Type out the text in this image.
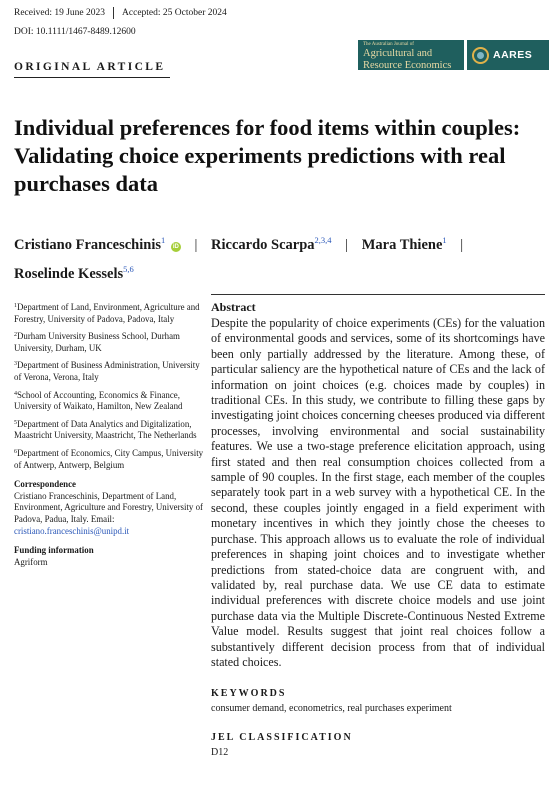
Received: 19 June 2023 Accepted: 25 October 2024
DOI: 10.1111/1467-8489.12600
The Australian Journal of
Agricultural and
Resource Economics
AARES
ORIGINAL ARTICLE
Individual preferences for food items within couples: Validating choice experiments predictions with real purchases data
Cristiano Franceschinis$^1$ iD | Riccardo Scarpa$^{2,3,4}$ | Mara Thiene$^1$ |
Roselinde Kessels$^{5,6}$
$^1$Department of Land, Environment, Agriculture and Forestry, University of Padova, Padova, Italy
$^2$Durham University Business School, Durham University, Durham, UK
$^3$Department of Business Administration, University of Verona, Verona, Italy
$^4$School of Accounting, Economics & Finance, University of Waikato, Hamilton, New Zealand
$^5$Department of Data Analytics and Digitalization, Maastricht University, Maastricht, The Netherlands
$^6$Department of Economics, City Campus, University of Antwerp, Antwerp, Belgium
Correspondence
Cristiano Franceschinis, Department of Land, Environment, Agriculture and Forestry, University of Padova, Padua, Italy. Email: cristiano.franceschinis@unipd.it
Funding information
Agriform
Abstract

Despite the popularity of choice experiments (CEs) for the valuation of environmental goods and services, some of its shortcomings have been only partially addressed by the literature. Among these, of particular saliency are the hypothetical nature of CEs and the lack of information on joint choices (e.g. choices made by couples) in traditional CEs. In this study, we contribute to filling these gaps by investigating joint choices concerning cheeses produced via different processes, involving environmental and social sustainability features. We use a two-stage preference elicitation approach, using first stated and then real consumption choices collected from a sample of 90 couples. In the first stage, each member of the couples separately took part in a web survey with a hypothetical CE. In the second, these couples jointly engaged in a field experiment with monetary incentives in which they jointly chose the cheeses to purchase. This approach allows us to evaluate the role of individual preferences in shaping joint choices and to investigate whether predictions from stated-choice data are congruent with, and validated by, real purchase data. We use CE data to estimate individual preferences with discrete choice models and use joint purchase data via the Multiple Discrete-Continuous Nested Extreme Value model. Results suggest that joint real choices follow a substantively different decision process from that of individual stated choices.

KEYWORDS
consumer demand, econometrics, real purchases experiment
JEL CLASSIFICATION
D12
